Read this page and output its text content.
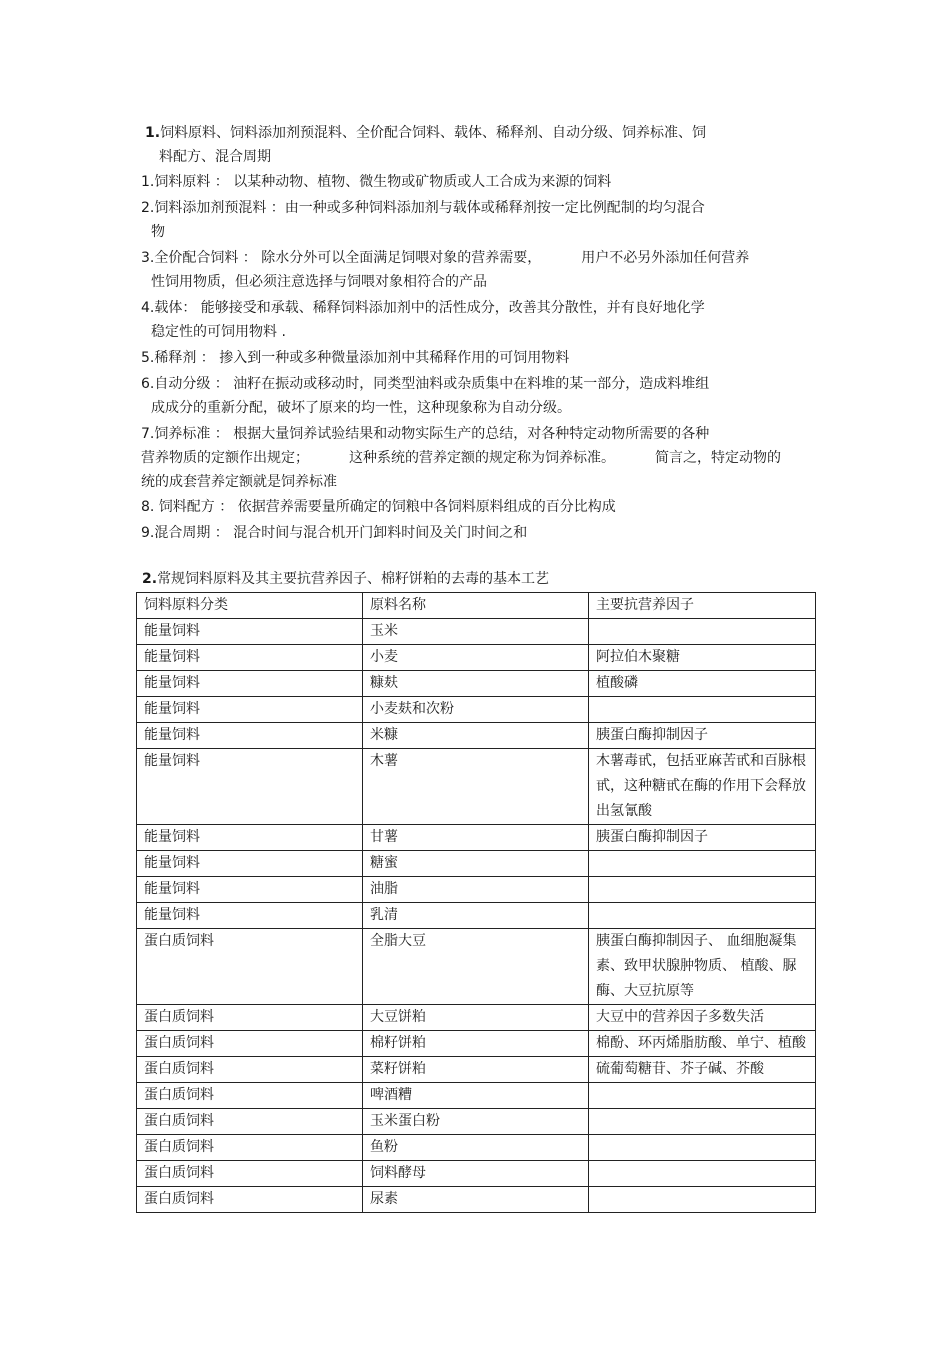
1.饲料原料、饲料添加剂预混料、全价配合饲料、载体、稀释剂、自动分级、饲养标准、饲
料配方、混合周期
1.饲料原料 ： 以某种动物、植物、微生物或矿物质或人工合成为来源的饲料
2.饲料添加剂预混料 ：由一种或多种饲料添加剂与载体或稀释剂按一定比例配制的均匀混合
物
3.全价配合饲料 ： 除水分外可以全面满足饲喂对象的营养需要，	用户不必另外添加任何营养
性饲用物质，但必须注意选择与饲喂对象相符合的产品
4.载体： 能够接受和承载、稀释饲料添加剂中的活性成分，改善其分散性，并有良好地化学
稳定性的可饲用物料 .
5.稀释剂 ： 掺入到一种或多种微量添加剂中其稀释作用的可饲用物料
6.自动分级 ： 油籽在振动或移动时，同类型油料或杂质集中在料堆的某一部分，造成料堆组
成成分的重新分配，破坏了原来的均一性，这种现象称为自动分级。
7.饲养标准 ： 根据大量饲养试验结果和动物实际生产的总结，对各种特定动物所需要的各种
营养物质的定额作出规定；	这种系统的营养定额的规定称为饲养标准。	简言之，特定动物的
统的成套营养定额就是饲养标准
8. 饲料配方 ： 依据营养需要量所确定的饲粮中各饲料原料组成的百分比构成
9.混合周期 ： 混合时间与混合机开门卸料时间及关门时间之和
2.常规饲料原料及其主要抗营养因子、棉籽饼粕的去毒的基本工艺
饲料原料分类	原料名称	主要抗营养因子
能量饲料	玉米	
能量饲料	小麦	阿拉伯木聚糖
能量饲料	糠麸	植酸磷
能量饲料	小麦麸和次粉	
能量饲料	米糠	胰蛋白酶抑制因子
能量饲料	木薯	木薯毒甙，包括亚麻苦甙和百脉根甙，这种糖甙在酶的作用下会释放出氢氰酸
能量饲料	甘薯	胰蛋白酶抑制因子
能量饲料	糖蜜	
能量饲料	油脂	
能量饲料	乳清	
蛋白质饲料	全脂大豆	胰蛋白酶抑制因子、 血细胞凝集素、致甲状腺肿物质、 植酸、脲酶、大豆抗原等
蛋白质饲料	大豆饼粕	大豆中的营养因子多数失活
蛋白质饲料	棉籽饼粕	棉酚、环丙烯脂肪酸、单宁、植酸
蛋白质饲料	菜籽饼粕	硫葡萄糖苷、芥子碱、芥酸
蛋白质饲料	啤酒糟	
蛋白质饲料	玉米蛋白粉	
蛋白质饲料	鱼粉	
蛋白质饲料	饲料酵母	
蛋白质饲料	尿素	
